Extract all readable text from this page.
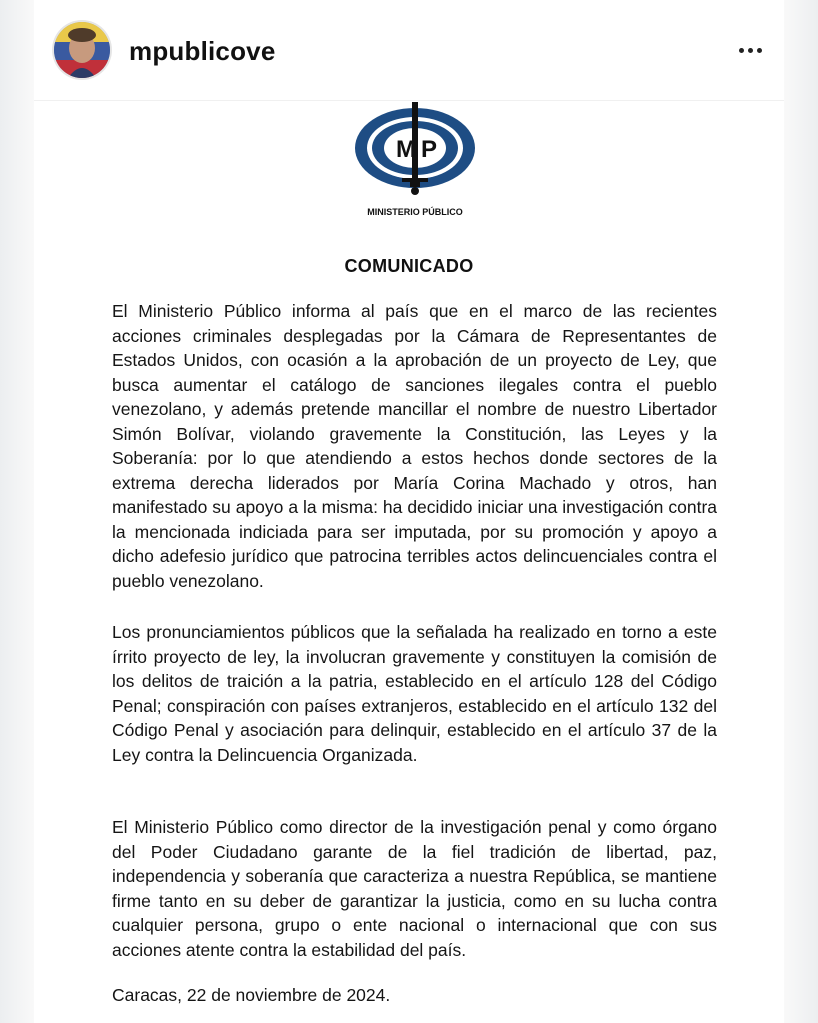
mpublicove
M P
MINISTERIO PÚBLICO
COMUNICADO

El Ministerio Público informa al país que en el marco de las recientes acciones criminales desplegadas por la Cámara de Representantes de Estados Unidos, con ocasión a la aprobación de un proyecto de Ley, que busca aumentar el catálogo de sanciones ilegales contra el pueblo venezolano, y además pretende mancillar el nombre de nuestro Libertador Simón Bolívar, violando gravemente la Constitución, las Leyes y la Soberanía: por lo que atendiendo a estos hechos donde sectores de la extrema derecha liderados por María Corina Machado y otros, han manifestado su apoyo a la misma: ha decidido iniciar una investigación contra la mencionada indiciada para ser imputada, por su promoción y apoyo a dicho adefesio jurídico que patrocina terribles actos delincuenciales contra el pueblo venezolano.

Los pronunciamientos públicos que la señalada ha realizado en torno a este írrito proyecto de ley, la involucran gravemente y constituyen la comisión de los delitos de traición a la patria, establecido en el artículo 128 del Código Penal; conspiración con países extranjeros, establecido en el artículo 132 del Código Penal y asociación para delinquir, establecido en el artículo 37 de la Ley contra la Delincuencia Organizada.

El Ministerio Público como director de la investigación penal y como órgano del Poder Ciudadano garante de la fiel tradición de libertad, paz, independencia y soberanía que caracteriza a nuestra República, se mantiene firme tanto en su deber de garantizar la justicia, como en su lucha contra cualquier persona, grupo o ente nacional o internacional que con sus acciones atente contra la estabilidad del país.

Caracas, 22 de noviembre de 2024.
